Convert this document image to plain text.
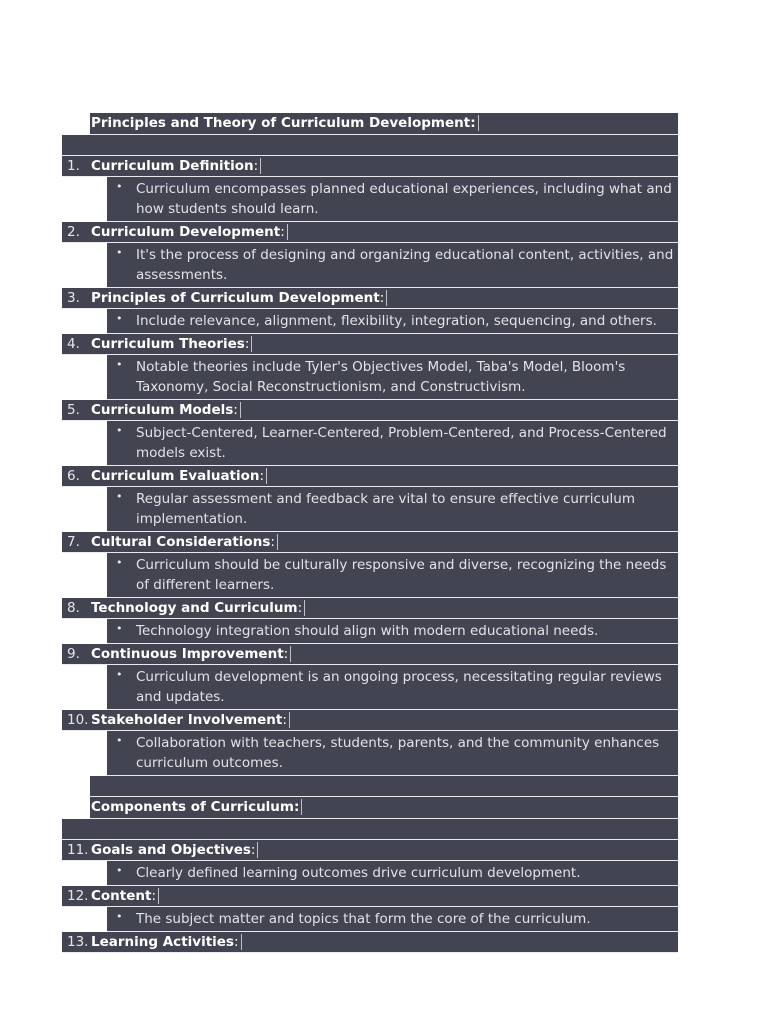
Principles and Theory of Curriculum Development:
1. Curriculum Definition:
• Curriculum encompasses planned educational experiences, including what and how students should learn.
2. Curriculum Development:
• It's the process of designing and organizing educational content, activities, and assessments.
3. Principles of Curriculum Development:
• Include relevance, alignment, flexibility, integration, sequencing, and others.
4. Curriculum Theories:
• Notable theories include Tyler's Objectives Model, Taba's Model, Bloom's Taxonomy, Social Reconstructionism, and Constructivism.
5. Curriculum Models:
• Subject-Centered, Learner-Centered, Problem-Centered, and Process-Centered models exist.
6. Curriculum Evaluation:
• Regular assessment and feedback are vital to ensure effective curriculum implementation.
7. Cultural Considerations:
• Curriculum should be culturally responsive and diverse, recognizing the needs of different learners.
8. Technology and Curriculum:
• Technology integration should align with modern educational needs.
9. Continuous Improvement:
• Curriculum development is an ongoing process, necessitating regular reviews and updates.
10. Stakeholder Involvement:
• Collaboration with teachers, students, parents, and the community enhances curriculum outcomes.
Components of Curriculum:
11. Goals and Objectives:
• Clearly defined learning outcomes drive curriculum development.
12. Content:
• The subject matter and topics that form the core of the curriculum.
13. Learning Activities:
